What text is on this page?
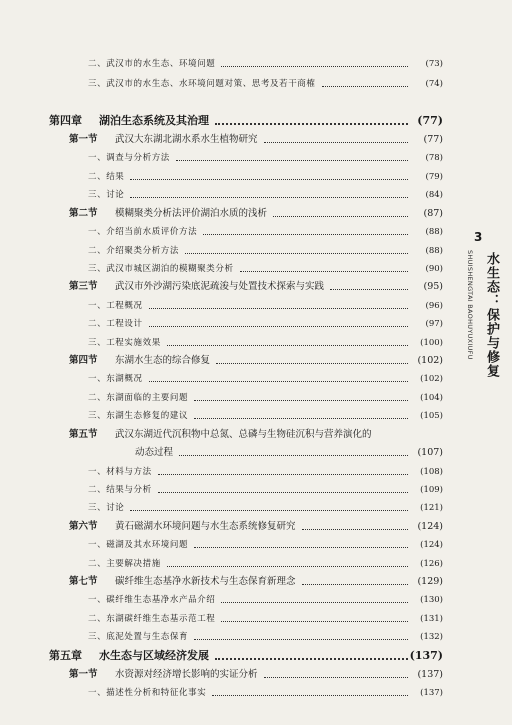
3
SHUISHENGTAI BAOHUYUXIUFU 水生态：保护与修复
二、武汉市的水生态、环境问题	(73)
三、武汉市的水生态、水环境问题对策、思考及若干商榷	(74)
第四章 湖泊生态系统及其治理	(77)
第一节 武汉大东湖北湖水系水生植物研究	(77)
一、调查与分析方法	(78)
二、结果	(79)
三、讨论	(84)
第二节 模糊聚类分析法评价湖泊水质的浅析	(87)
一、介绍当前水质评价方法	(88)
二、介绍聚类分析方法	(88)
三、武汉市城区湖泊的模糊聚类分析	(90)
第三节 武汉市外沙湖污染底泥疏浚与处置技术探索与实践	(95)
一、工程概况	(96)
二、工程设计	(97)
三、工程实施效果	(100)
第四节 东湖水生态的综合修复	(102)
一、东湖概况	(102)
二、东湖面临的主要问题	(104)
三、东湖生态修复的建议	(105)
第五节 武汉东湖近代沉积物中总氮、总磷与生物硅沉积与营养演化的
动态过程	(107)
一、材料与方法	(108)
二、结果与分析	(109)
三、讨论	(121)
第六节 黄石磁湖水环境问题与水生态系统修复研究	(124)
一、磁湖及其水环境问题	(124)
二、主要解决措施	(126)
第七节 碳纤维生态基净水新技术与生态保育新理念	(129)
一、碳纤维生态基净水产品介绍	(130)
二、东湖碳纤维生态基示范工程	(131)
三、底泥处置与生态保育	(132)
第五章 水生态与区域经济发展	(137)
第一节 水资源对经济增长影响的实证分析	(137)
一、描述性分析和特征化事实	(137)
